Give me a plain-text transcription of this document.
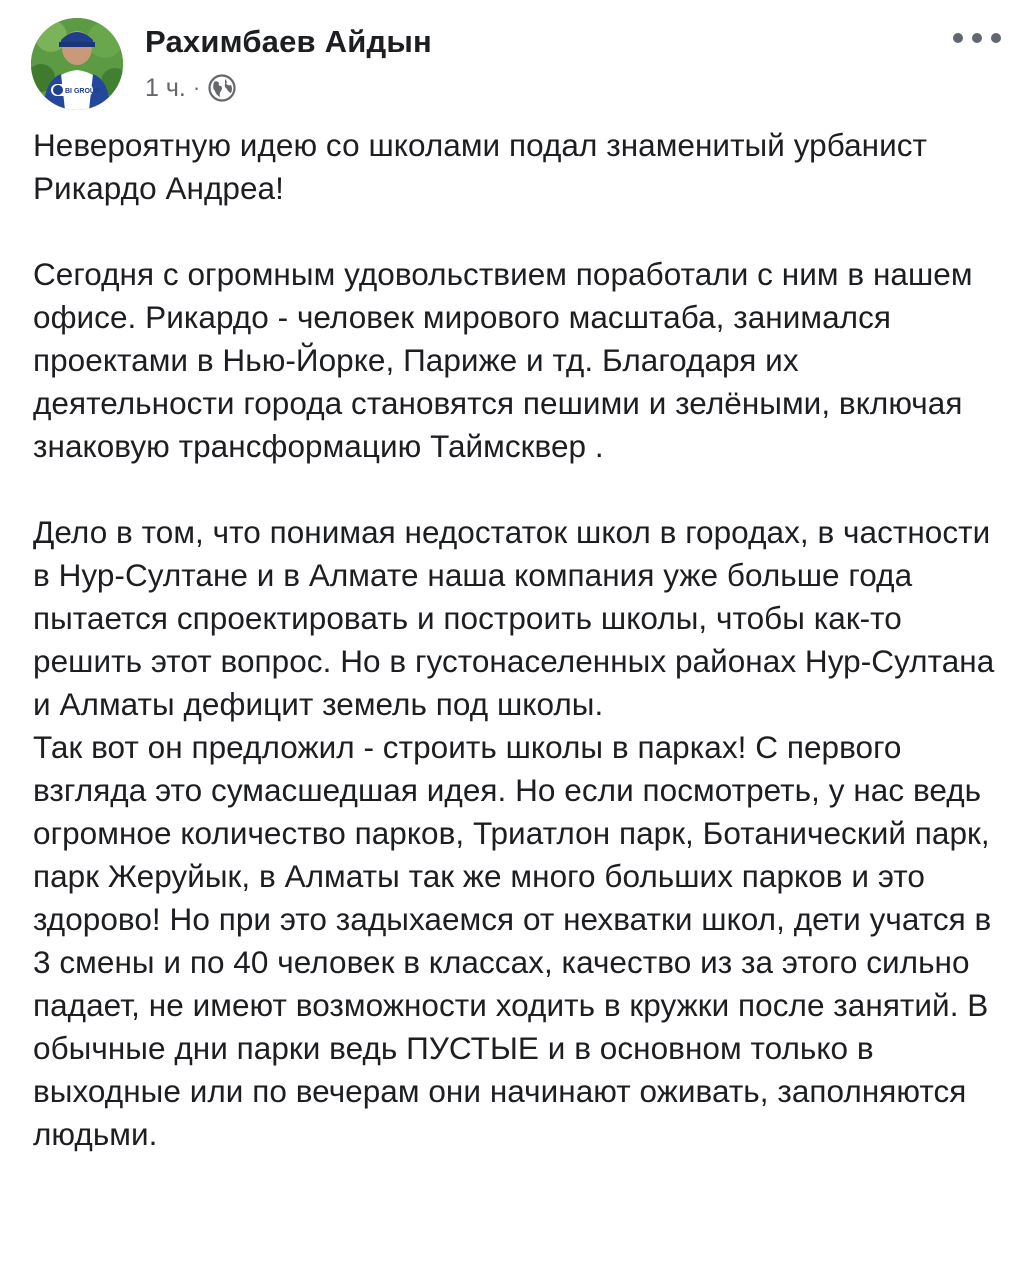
BI GROUP
Рахимбаев Айдын
1 ч. ·

Невероятную идею со школами подал знаменитый урбанист Рикардо Андреа!

Сегодня с огромным удовольствием поработали с ним в нашем офисе. Рикардо - человек мирового масштаба, занимался проектами в Нью-Йорке, Париже и тд. Благодаря их деятельности города становятся пешими и зелёными, включая знаковую трансформацию Таймсквер .

Дело в том, что понимая недостаток школ в городах, в частности в Нур-Султане и в Алмате наша компания уже больше года пытается спроектировать и построить школы, чтобы как-то решить этот вопрос. Но в густонаселенных районах Нур-Султана и Алматы дефицит земель под школы.

Так вот он предложил - строить школы в парках! С первого взгляда это сумасшедшая идея. Но если посмотреть, у нас ведь огромное количество парков, Триатлон парк, Ботанический парк, парк Жеруйык, в Алматы так же много больших парков и это здорово! Но при это задыхаемся от нехватки школ, дети учатся в 3 смены и по 40 человек в классах, качество из за этого сильно падает, не имеют возможности ходить в кружки после занятий. В обычные дни парки ведь ПУСТЫЕ и в основном только в выходные или по вечерам они начинают оживать, заполняются людьми.
